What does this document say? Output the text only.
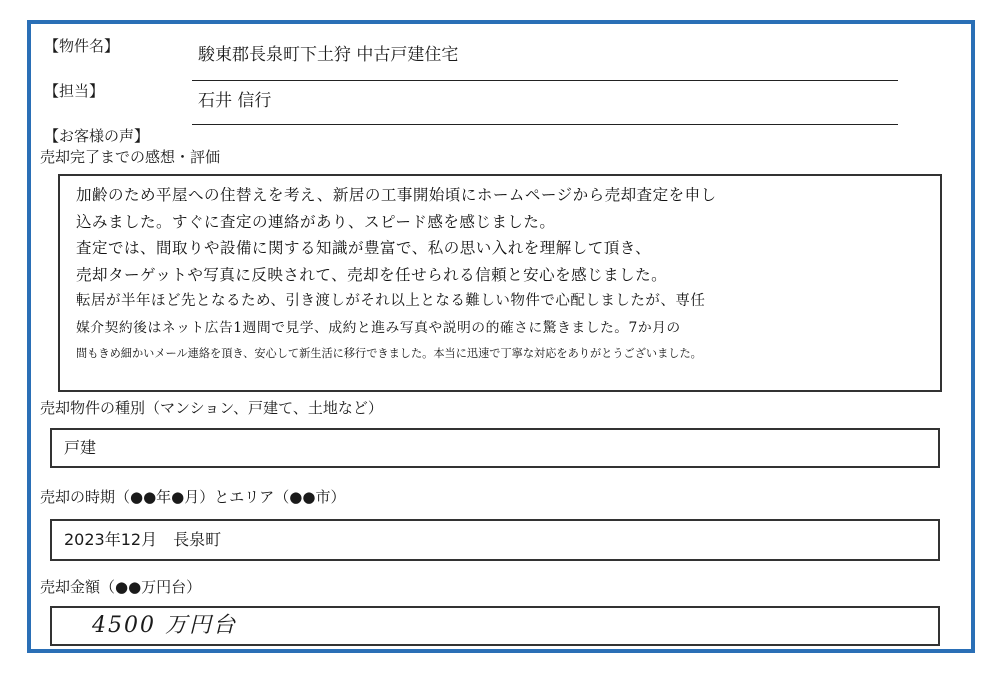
【物件名】	駿東郡長泉町下土狩 中古戸建住宅
【担当】	石井 信行
【お客様の声】
売却完了までの感想・評価

加齢のため平屋への住替えを考え、新居の工事開始頃にホームページから売却査定を申し

込みました。すぐに査定の連絡があり、スピード感を感じました。

査定では、間取りや設備に関する知識が豊富で、私の思い入れを理解して頂き、

売却ターゲットや写真に反映されて、売却を任せられる信頼と安心を感じました。

転居が半年ほど先となるため、引き渡しがそれ以上となる難しい物件で心配しましたが、専任

媒介契約後はネット広告1週間で見学、成約と進み写真や説明の的確さに驚きました。7か月の

間もきめ細かいメール連絡を頂き、安心して新生活に移行できました。本当に迅速で丁寧な対応をありがとうございました。

売却物件の種別（マンション、戸建て、土地など）
戸建
売却の時期（●●年●月）とエリア（●●市）
2023年12月　長泉町
売却金額（●●万円台）
4500 万円台
